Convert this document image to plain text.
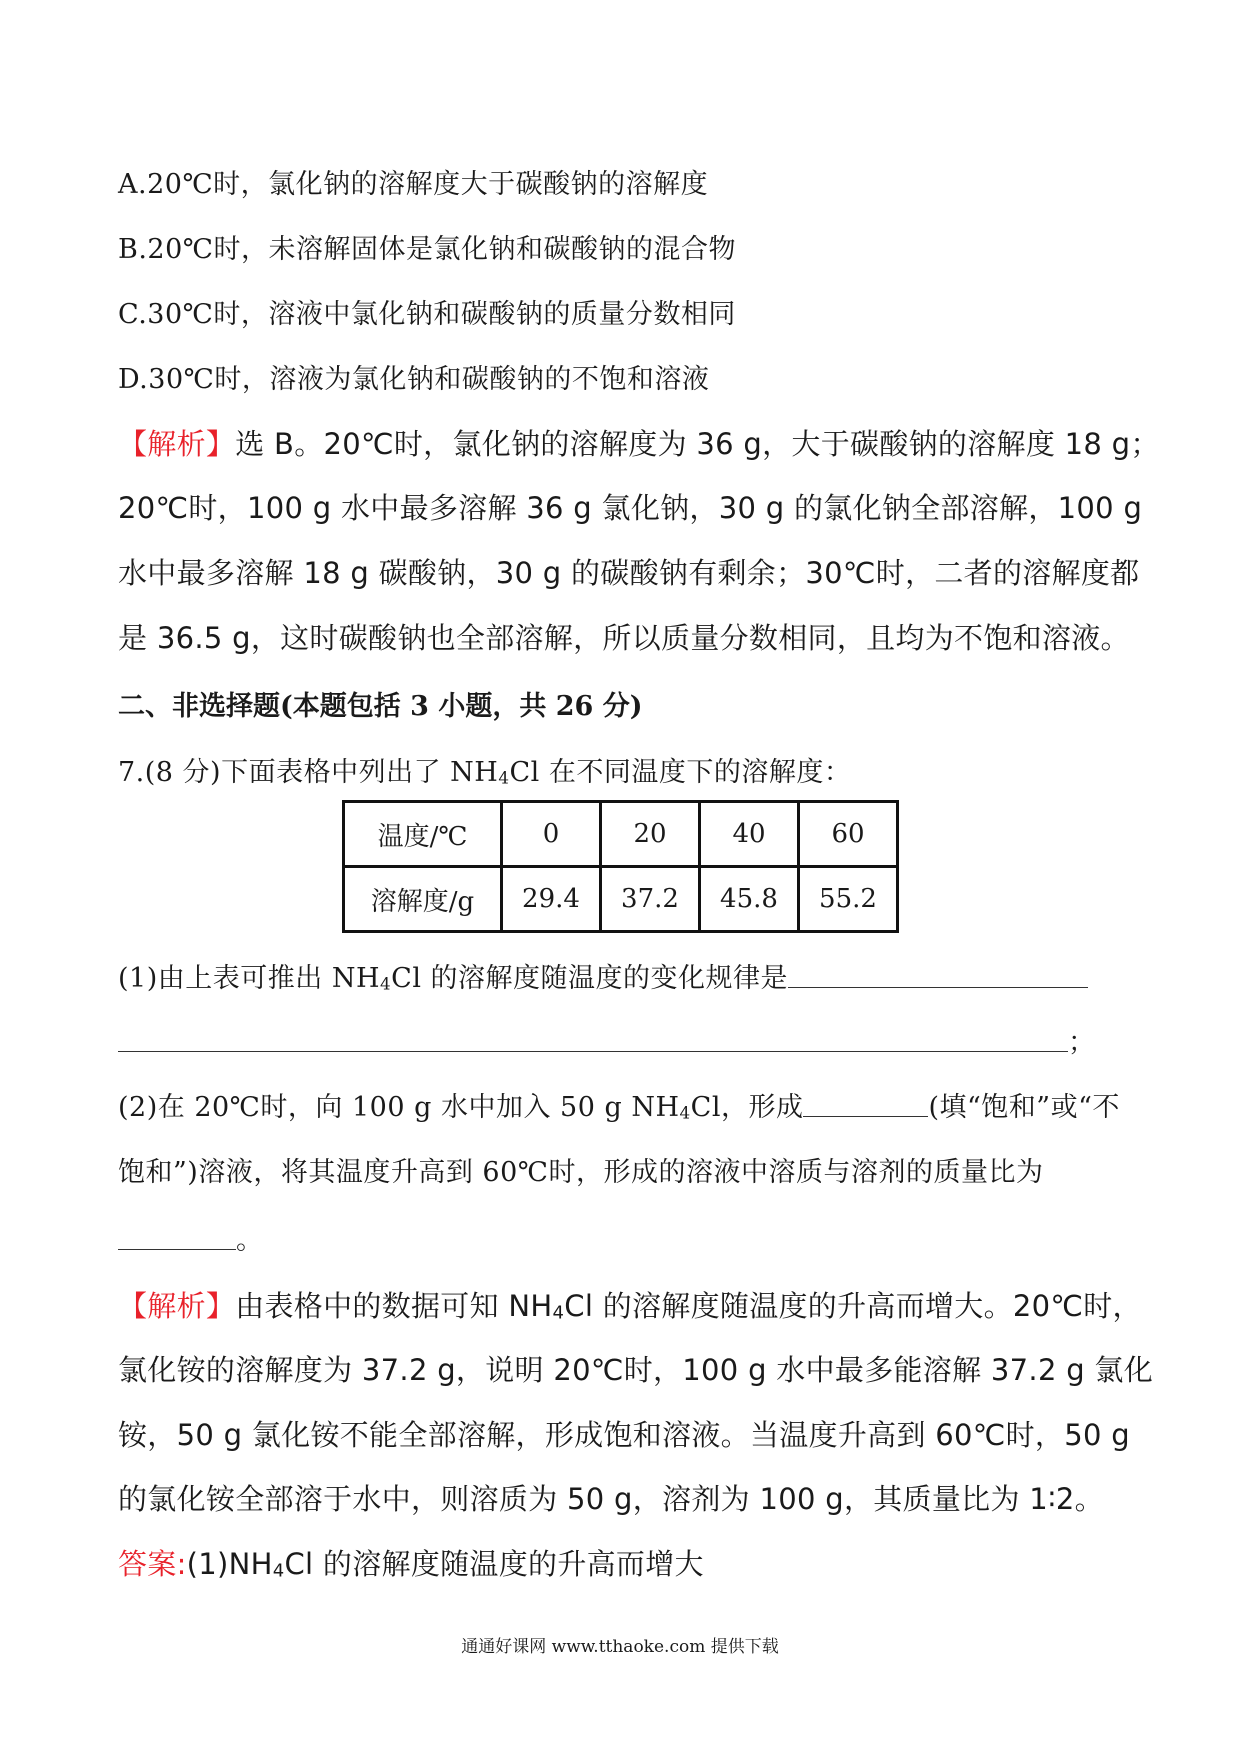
A.20℃时，氯化钠的溶解度大于碳酸钠的溶解度
B.20℃时，未溶解固体是氯化钠和碳酸钠的混合物
C.30℃时，溶液中氯化钠和碳酸钠的质量分数相同
D.30℃时，溶液为氯化钠和碳酸钠的不饱和溶液
【解析】选 B。20℃时，氯化钠的溶解度为 36 g，大于碳酸钠的溶解度 18 g；
20℃时，100 g 水中最多溶解 36 g 氯化钠，30 g 的氯化钠全部溶解，100 g
水中最多溶解 18 g 碳酸钠，30 g 的碳酸钠有剩余；30℃时，二者的溶解度都
是 36.5 g，这时碳酸钠也全部溶解，所以质量分数相同，且均为不饱和溶液。
二、非选择题(本题包括 3 小题，共 26 分)
7.(8 分)下面表格中列出了 NH4Cl 在不同温度下的溶解度：
温度/℃	0	20	40	60
溶解度/g	29.4	37.2	45.8	55.2
(1)由上表可推出 NH4Cl 的溶解度随温度的变化规律是
；
(2)在 20℃时，向 100 g 水中加入 50 g NH4Cl，形成	(填“饱和”或“不
饱和”)溶液，将其温度升高到 60℃时，形成的溶液中溶质与溶剂的质量比为
。
【解析】由表格中的数据可知 NH4Cl 的溶解度随温度的升高而增大。20℃时，
氯化铵的溶解度为 37.2 g，说明 20℃时，100 g 水中最多能溶解 37.2 g 氯化
铵，50 g 氯化铵不能全部溶解，形成饱和溶液。当温度升高到 60℃时，50 g
的氯化铵全部溶于水中，则溶质为 50 g，溶剂为 100 g，其质量比为 1∶2。
答案:(1)NH4Cl 的溶解度随温度的升高而增大
通通好课网 www.tthaoke.com 提供下载
